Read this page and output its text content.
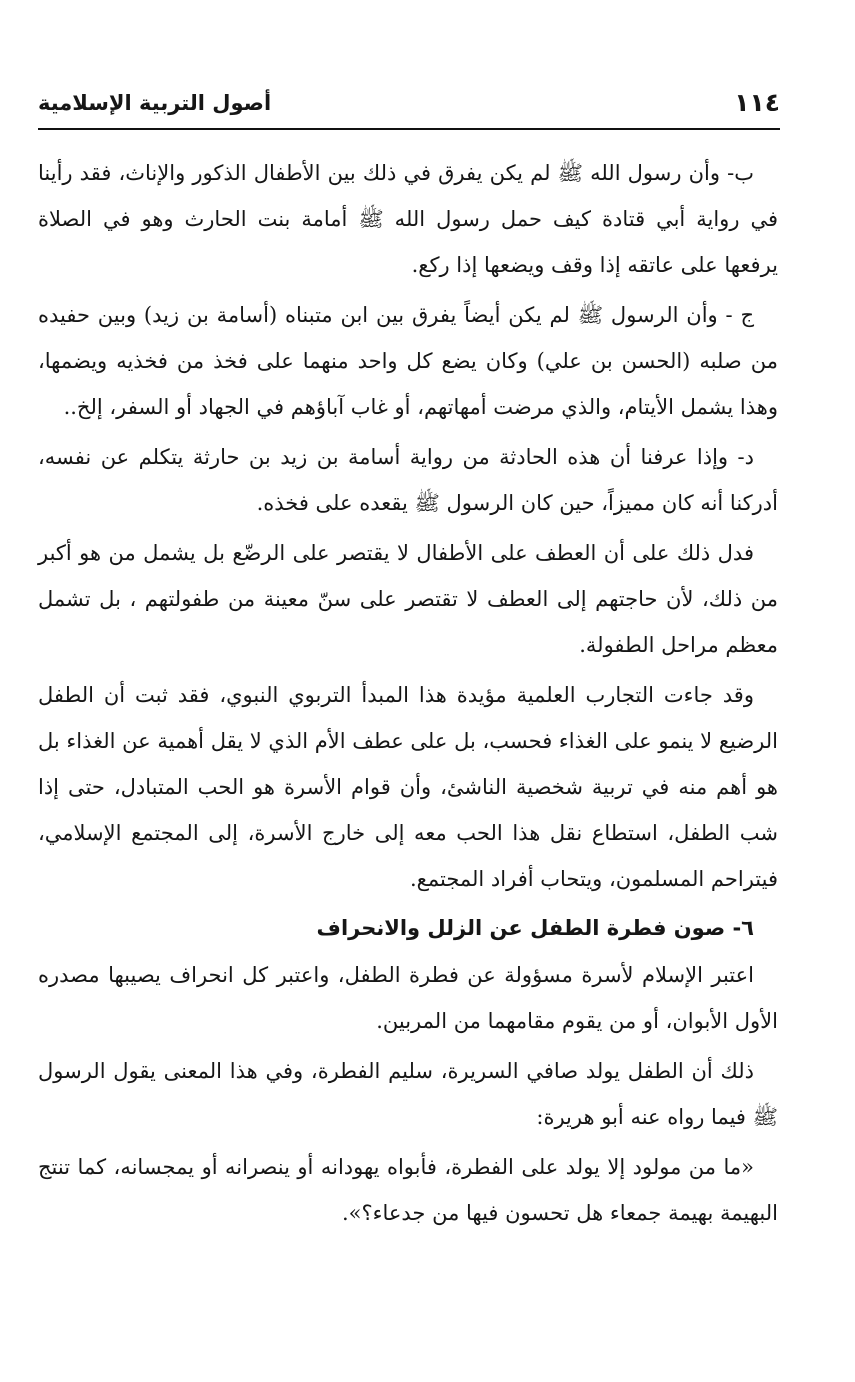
١١٤
أصول التربية الإسلامية

ب- وأن رسول الله ﷺ لم يكن يفرق في ذلك بين الأطفال الذكور والإناث، فقد رأينا في رواية أبي قتادة كيف حمل رسول الله ﷺ أمامة بنت الحارث وهو في الصلاة يرفعها على عاتقه إذا وقف ويضعها إذا ركع.

ج - وأن الرسول ﷺ لم يكن أيضاً يفرق بين ابن متبناه (أسامة بن زيد) وبين حفيده من صلبه (الحسن بن علي) وكان يضع كل واحد منهما على فخذ من فخذيه ويضمها، وهذا يشمل الأيتام، والذي مرضت أمهاتهم، أو غاب آباؤهم في الجهاد أو السفر، إلخ..

د- وإذا عرفنا أن هذه الحادثة من رواية أسامة بن زيد بن حارثة يتكلم عن نفسه، أدركنا أنه كان مميزاً، حين كان الرسول ﷺ يقعده على فخذه.

فدل ذلك على أن العطف على الأطفال لا يقتصر على الرضّع بل يشمل من هو أكبر من ذلك، لأن حاجتهم إلى العطف لا تقتصر على سنّ معينة من طفولتهم ، بل تشمل معظم مراحل الطفولة.

وقد جاءت التجارب العلمية مؤيدة هذا المبدأ التربوي النبوي، فقد ثبت أن الطفل الرضيع لا ينمو على الغذاء فحسب، بل على عطف الأم الذي لا يقل أهمية عن الغذاء بل هو أهم منه في تربية شخصية الناشئ، وأن قوام الأسرة هو الحب المتبادل، حتى إذا شب الطفل، استطاع نقل هذا الحب معه إلى خارج الأسرة، إلى المجتمع الإسلامي، فيتراحم المسلمون، ويتحاب أفراد المجتمع.

٦- صون فطرة الطفل عن الزلل والانحراف

اعتبر الإسلام لأسرة مسؤولة عن فطرة الطفل، واعتبر كل انحراف يصيبها مصدره الأول الأبوان، أو من يقوم مقامهما من المربين.

ذلك أن الطفل يولد صافي السريرة، سليم الفطرة، وفي هذا المعنى يقول الرسول ﷺ فيما رواه عنه أبو هريرة:

«ما من مولود إلا يولد على الفطرة، فأبواه يهودانه أو ينصرانه أو يمجسانه، كما تنتج البهيمة بهيمة جمعاء هل تحسون فيها من جدعاء؟».
